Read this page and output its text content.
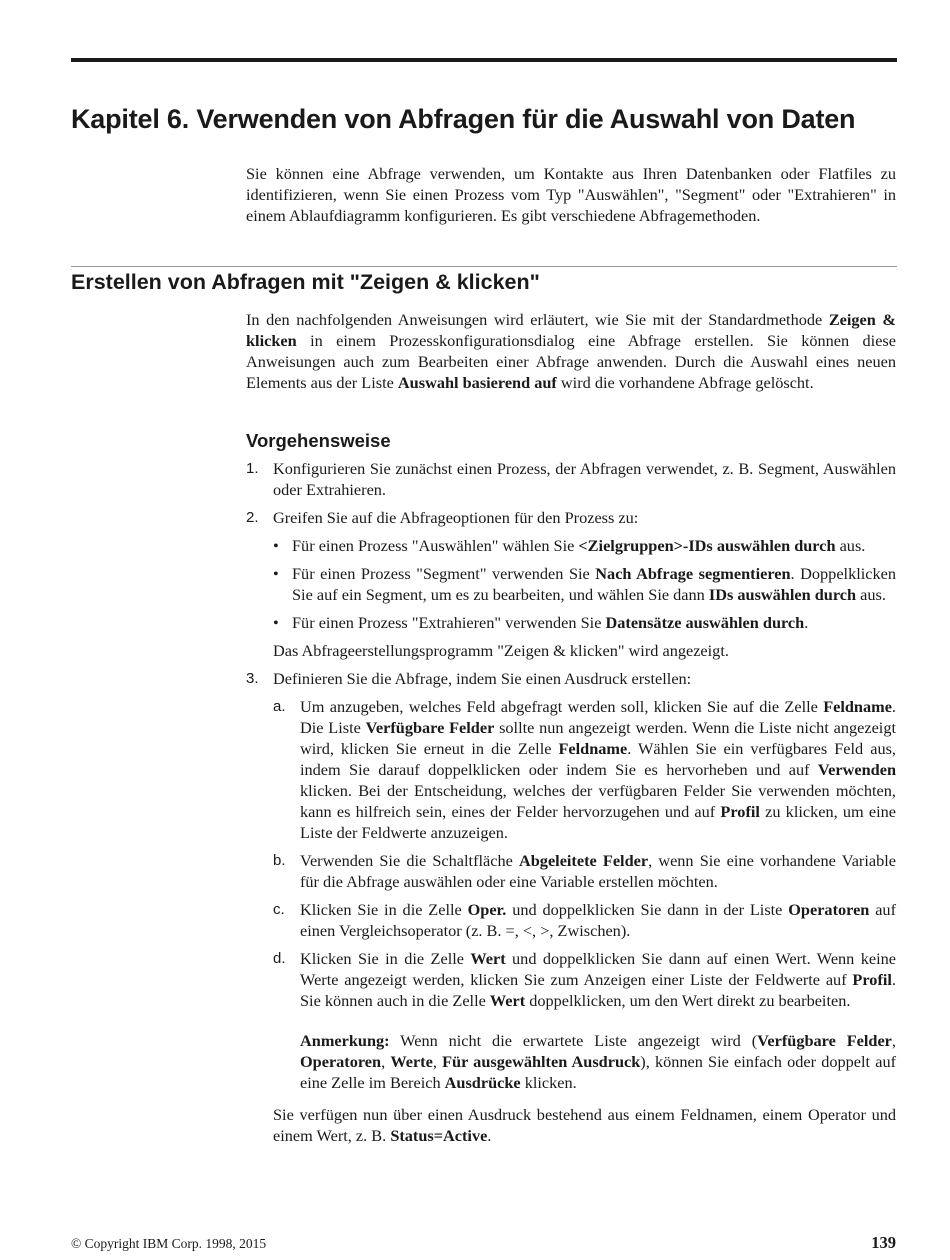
Kapitel 6. Verwenden von Abfragen für die Auswahl von Daten

Sie können eine Abfrage verwenden, um Kontakte aus Ihren Datenbanken oder Flatfiles zu identifizieren, wenn Sie einen Prozess vom Typ "Auswählen", "Segment" oder "Extrahieren" in einem Ablaufdiagramm konfigurieren. Es gibt verschiedene Abfragemethoden.

Erstellen von Abfragen mit "Zeigen & klicken"

In den nachfolgenden Anweisungen wird erläutert, wie Sie mit der Standardmethode Zeigen & klicken in einem Prozesskonfigurationsdialog eine Abfrage erstellen. Sie können diese Anweisungen auch zum Bearbeiten einer Abfrage anwenden. Durch die Auswahl eines neuen Elements aus der Liste Auswahl basierend auf wird die vorhandene Abfrage gelöscht.

Vorgehensweise
1. Konfigurieren Sie zunächst einen Prozess, der Abfragen verwendet, z. B. Segment, Auswählen oder Extrahieren.
2. Greifen Sie auf die Abfrageoptionen für den Prozess zu:
• Für einen Prozess "Auswählen" wählen Sie <Zielgruppen>-IDs auswählen durch aus.
• Für einen Prozess "Segment" verwenden Sie Nach Abfrage segmentieren. Doppelklicken Sie auf ein Segment, um es zu bearbeiten, und wählen Sie dann IDs auswählen durch aus.
• Für einen Prozess "Extrahieren" verwenden Sie Datensätze auswählen durch.
Das Abfrageerstellungsprogramm "Zeigen & klicken" wird angezeigt.
3. Definieren Sie die Abfrage, indem Sie einen Ausdruck erstellen:
a. Um anzugeben, welches Feld abgefragt werden soll, klicken Sie auf die Zelle Feldname. Die Liste Verfügbare Felder sollte nun angezeigt werden. Wenn die Liste nicht angezeigt wird, klicken Sie erneut in die Zelle Feldname. Wählen Sie ein verfügbares Feld aus, indem Sie darauf doppelklicken oder indem Sie es hervorheben und auf Verwenden klicken. Bei der Entscheidung, welches der verfügbaren Felder Sie verwenden möchten, kann es hilfreich sein, eines der Felder hervorzugehen und auf Profil zu klicken, um eine Liste der Feldwerte anzuzeigen.
b. Verwenden Sie die Schaltfläche Abgeleitete Felder, wenn Sie eine vorhandene Variable für die Abfrage auswählen oder eine Variable erstellen möchten.
c. Klicken Sie in die Zelle Oper. und doppelklicken Sie dann in der Liste Operatoren auf einen Vergleichsoperator (z. B. =, <, >, Zwischen).
d. Klicken Sie in die Zelle Wert und doppelklicken Sie dann auf einen Wert. Wenn keine Werte angezeigt werden, klicken Sie zum Anzeigen einer Liste der Feldwerte auf Profil. Sie können auch in die Zelle Wert doppelklicken, um den Wert direkt zu bearbeiten.
Anmerkung: Wenn nicht die erwartete Liste angezeigt wird (Verfügbare Felder, Operatoren, Werte, Für ausgewählten Ausdruck), können Sie einfach oder doppelt auf eine Zelle im Bereich Ausdrücke klicken.
Sie verfügen nun über einen Ausdruck bestehend aus einem Feldnamen, einem Operator und einem Wert, z. B. Status=Active.
© Copyright IBM Corp. 1998, 2015	139
